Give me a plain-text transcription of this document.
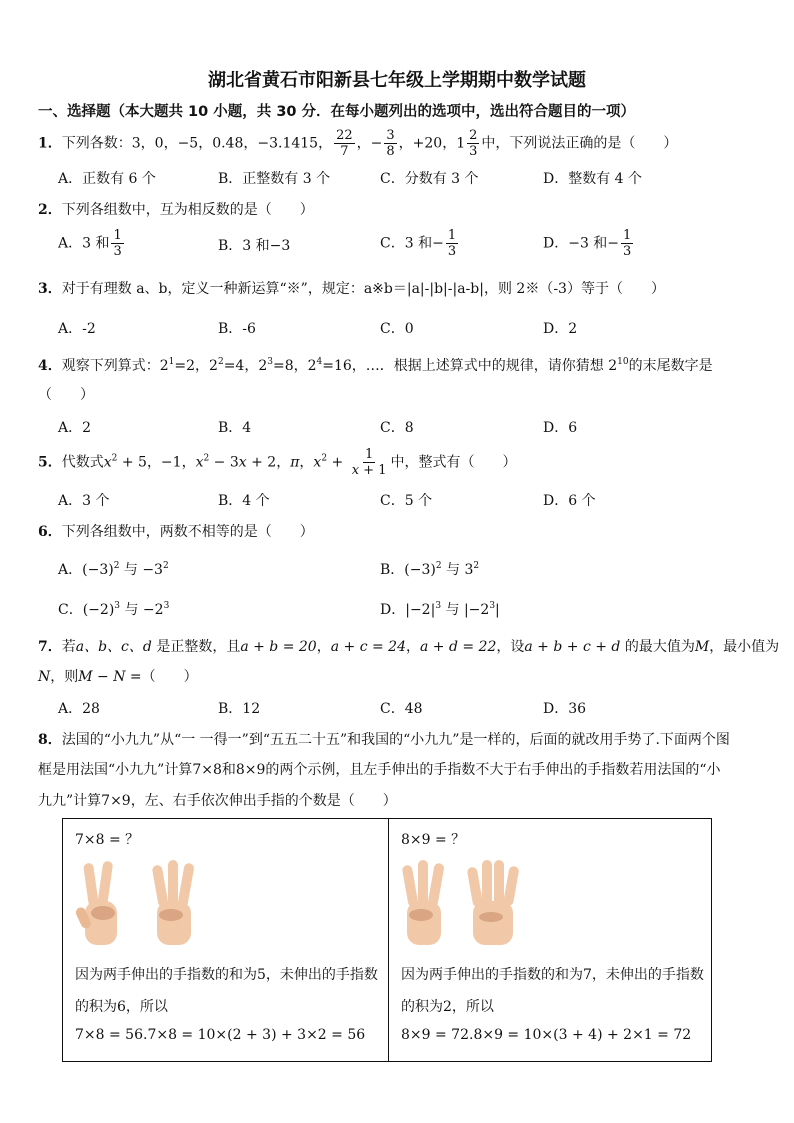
湖北省黄石市阳新县七年级上学期期中数学试题
一、选择题（本大题共 10 小题，共 30 分．在每小题列出的选项中，选出符合题目的一项）
1．下列各数：3，0，−5，0.48，−3.1415， $\frac{22}{7}$ ，− $\frac{3}{8}$ ，+20，$1 \frac{2}{3}$ 中，下列说法正确的是（　　）
A．正数有 6 个	B．正整数有 3 个	C．分数有 3 个	D．整数有 4 个
2．下列各组数中，互为相反数的是（　　）
A．3 和 $\frac{1}{3}$	B．3 和−3	C．3 和− $\frac{1}{3}$	D．−3 和− $\frac{1}{3}$
3．对于有理数 a、b，定义一种新运算“※”，规定：a※b＝|a|-|b|-|a-b|，则 2※（-3）等于（　　）
A．-2	B．-6	C．0	D．2
4．观察下列算式：$2^1=2$，$2^2=4$，$2^3=8$，$2^4=16$，…．根据上述算式中的规律，请你猜想 $2^{10}$的末尾数字是
（　　）
A．2	B．4	C．8	D．6
5．代数式$x^2 + 5$，−1，$x^2 - 3x + 2$，π，$x^2 + \frac{1}{x + 1}$ 中，整式有（　　）
A．3 个	B．4 个	C．5 个	D．6 个
6．下列各组数中，两数不相等的是（　　）
A．$(-3)^2$ 与 $-3^2$	B．$(-3)^2$ 与 $3^2$
C．$(-2)^3$ 与 $-2^3$	D．$|-2|^3$ 与 $|-2^3|$
7．若a、b、c、d 是正整数，且a + b = 20，a + c = 24，a + d = 22，设a + b + c + d 的最大值为M，最小值为
N，则M − N =（　　）
A．28	B．12	C．48	D．36
8．法国的“小九九”从“一 一得一”到“五五二十五”和我国的“小九九”是一样的，后面的就改用手势了.下面两个图
框是用法国“小九九”计算7×8和8×9的两个示例，且左手伸出的手指数不大于右手伸出的手指数若用法国的“小
九九”计算7×9，左、右手依次伸出手指的个数是（　　）
7×8 = ？
因为两手伸出的手指数的和为5，未伸出的手指数的积为6，所以
7×8 = 56.7×8 = 10×(2 + 3) + 3×2 = 56
8×9 = ？
因为两手伸出的手指数的和为7，未伸出的手指数的积为2，所以
8×9 = 72.8×9 = 10×(3 + 4) + 2×1 = 72
